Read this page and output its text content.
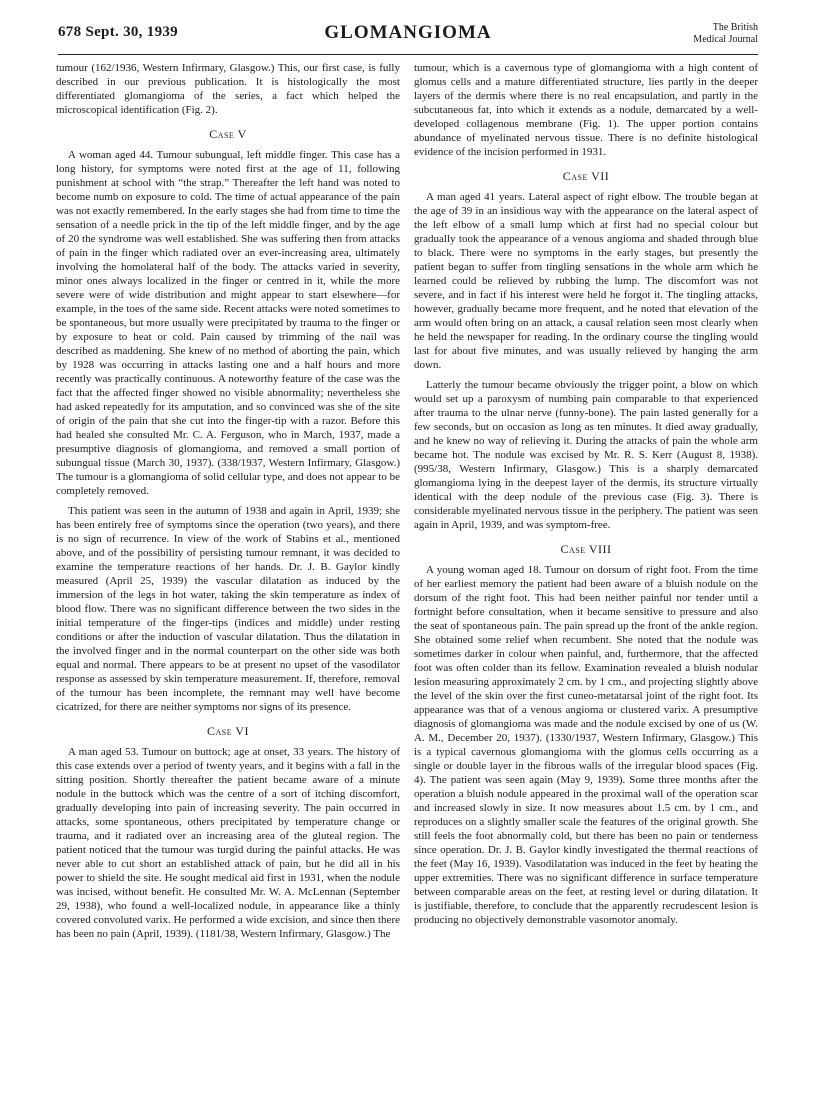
678 Sept. 30, 1939	GLOMANGIOMA	The British
Medical Journal

tumour (162/1936, Western Infirmary, Glasgow.) This, our first case, is fully described in our previous publication. It is histologically the most differentiated glomangioma of the series, a fact which helped the microscopical identification (Fig. 2).

Case V

A woman aged 44. Tumour subungual, left middle finger. This case has a long history, for symptoms were noted first at the age of 11, following punishment at school with “the strap.” Thereafter the left hand was noted to become numb on exposure to cold. The time of actual appearance of the pain was not exactly remembered. In the early stages she had from time to time the sensation of a needle prick in the tip of the left middle finger, and by the age of 20 the syndrome was well established. She was suffering then from attacks of pain in the finger which radiated over an ever-increasing area, ultimately involving the homolateral half of the body. The attacks varied in severity, minor ones always localized in the finger or centred in it, while the more severe were of wide distribution and might appear to start elsewhere—for example, in the toes of the same side. Recent attacks were noted sometimes to be spontaneous, but more usually were precipitated by trauma to the finger or by exposure to heat or cold. Pain caused by trimming of the nail was described as maddening. She knew of no method of aborting the pain, which by 1928 was occurring in attacks lasting one and a half hours and more recently was practically continuous. A noteworthy feature of the case was the fact that the affected finger showed no visible abnormality; nevertheless she had asked repeatedly for its amputation, and so convinced was she of the site of origin of the pain that she cut into the finger-tip with a razor. Before this had healed she consulted Mr. C. A. Ferguson, who in March, 1937, made a presumptive diagnosis of glomangioma, and removed a small portion of subungual tissue (March 30, 1937). (338/1937, Western Infirmary, Glasgow.) The tumour is a glomangioma of solid cellular type, and does not appear to be completely removed.

This patient was seen in the autumn of 1938 and again in April, 1939; she has been entirely free of symptoms since the operation (two years), and there is no sign of recurrence. In view of the work of Stabins et al., mentioned above, and of the possibility of persisting tumour remnant, it was decided to examine the temperature reactions of her hands. Dr. J. B. Gaylor kindly measured (April 25, 1939) the vascular dilatation as induced by the immersion of the legs in hot water, taking the skin temperature as index of blood flow. There was no significant difference between the two sides in the initial temperature of the finger-tips (indices and middle) under resting conditions or after the induction of vascular dilatation. Thus the dilatation in the involved finger and in the normal counterpart on the other side was both equal and normal. There appears to be at present no upset of the vasodilator response as assessed by skin temperature measurement. If, therefore, removal of the tumour has been incomplete, the remnant may well have become cicatrized, for there are neither symptoms nor signs of its presence.

Case VI

A man aged 53. Tumour on buttock; age at onset, 33 years. The history of this case extends over a period of twenty years, and it begins with a fall in the sitting position. Shortly thereafter the patient became aware of a minute nodule in the buttock which was the centre of a sort of itching discomfort, gradually developing into pain of increasing severity. The pain occurred in attacks, some spontaneous, others precipitated by temperature change or trauma, and it radiated over an increasing area of the gluteal region. The patient noticed that the tumour was turgid during the painful attacks. He was never able to cut short an established attack of pain, but he did all in his power to shield the site. He sought medical aid first in 1931, when the nodule was incised, without benefit. He consulted Mr. W. A. McLennan (September 29, 1938), who found a well-localized nodule, in appearance like a thinly covered convoluted varix. He performed a wide excision, and since then there has been no pain (April, 1939). (1181/38, Western Infirmary, Glasgow.) The

tumour, which is a cavernous type of glomangioma with a high content of glomus cells and a mature differentiated structure, lies partly in the deeper layers of the dermis where there is no real encapsulation, and partly in the subcutaneous fat, into which it extends as a nodule, demarcated by a well-developed collagenous membrane (Fig. 1). The upper portion contains abundance of myelinated nervous tissue. There is no definite histological evidence of the incision performed in 1931.

Case VII

A man aged 41 years. Lateral aspect of right elbow. The trouble began at the age of 39 in an insidious way with the appearance on the lateral aspect of the left elbow of a small lump which at first had no special colour but gradually took the appearance of a venous angioma and shaded through blue to black. There were no symptoms in the early stages, but presently the patient began to suffer from tingling sensations in the whole arm which he learned could be relieved by rubbing the lump. The discomfort was not severe, and in fact if his interest were held he forgot it. The tingling attacks, however, gradually became more frequent, and he noted that elevation of the arm would often bring on an attack, a causal relation seen most clearly when he held the newspaper for reading. In the ordinary course the tingling would last for about five minutes, and was usually relieved by hanging the arm down.

Latterly the tumour became obviously the trigger point, a blow on which would set up a paroxysm of numbing pain comparable to that experienced after trauma to the ulnar nerve (funny-bone). The pain lasted generally for a few seconds, but on occasion as long as ten minutes. It died away gradually, and he knew no way of relieving it. During the attacks of pain the whole arm became hot. The nodule was excised by Mr. R. S. Kerr (August 8, 1938). (995/38, Western Infirmary, Glasgow.) This is a sharply demarcated glomangioma lying in the deepest layer of the dermis, its structure virtually identical with the deep nodule of the previous case (Fig. 3). There is considerable myelinated nervous tissue in the periphery. The patient was seen again in April, 1939, and was symptom-free.

Case VIII

A young woman aged 18. Tumour on dorsum of right foot. From the time of her earliest memory the patient had been aware of a bluish nodule on the dorsum of the right foot. This had been neither painful nor tender until a fortnight before consultation, when it became sensitive to pressure and also the seat of spontaneous pain. The pain spread up the front of the ankle region. She obtained some relief when recumbent. She noted that the nodule was sometimes darker in colour when painful, and, furthermore, that the affected foot was often colder than its fellow. Examination revealed a bluish nodular lesion measuring approximately 2 cm. by 1 cm., and projecting slightly above the level of the skin over the first cuneo-metatarsal joint of the right foot. Its appearance was that of a venous angioma or clustered varix. A presumptive diagnosis of glomangioma was made and the nodule excised by one of us (W. A. M., December 20, 1937). (1330/1937, Western Infirmary, Glasgow.) This is a typical cavernous glomangioma with the glomus cells occurring as a single or double layer in the fibrous walls of the irregular blood spaces (Fig. 4). The patient was seen again (May 9, 1939). Some three months after the operation a bluish nodule appeared in the proximal wall of the operation scar and increased slowly in size. It now measures about 1.5 cm. by 1 cm., and reproduces on a slightly smaller scale the features of the original growth. She still feels the foot abnormally cold, but there has been no pain or tenderness since operation. Dr. J. B. Gaylor kindly investigated the thermal reactions of the feet (May 16, 1939). Vasodilatation was induced in the feet by heating the upper extremities. There was no significant difference in surface temperature between comparable areas on the feet, at resting level or during dilatation. It is justifiable, therefore, to conclude that the apparently recrudescent lesion is producing no objectively demonstrable vasomotor anomaly.
